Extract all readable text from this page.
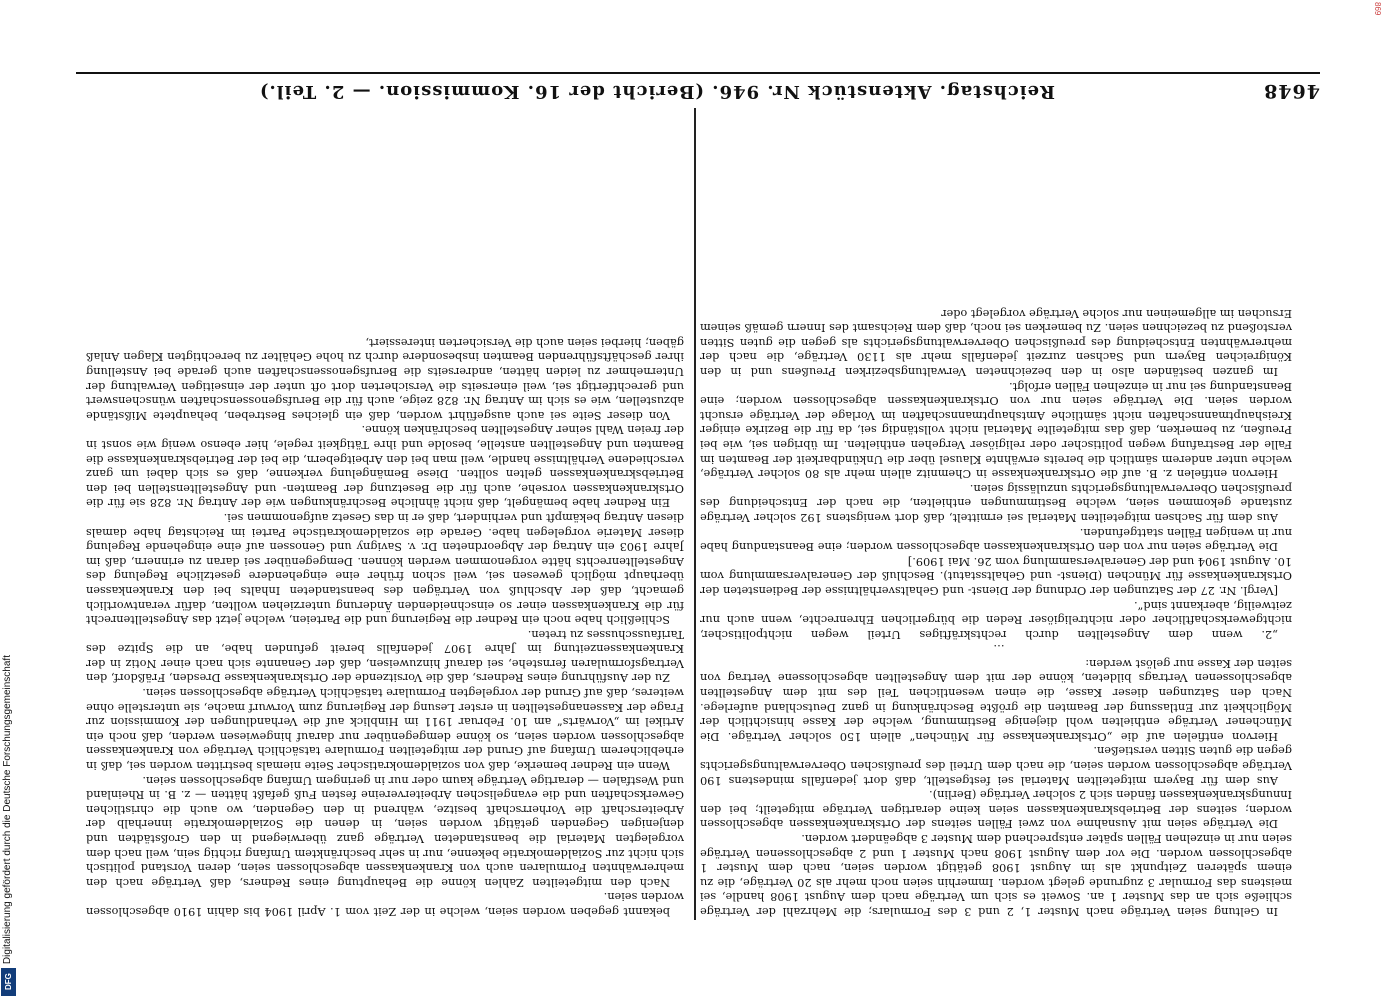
Digitalisierung gefördert durch die Deutsche Forschungsgemeinschaft
DFG
869
4648
Reichstag. Aktenstück Nr. 946. (Bericht der 16. Kommission. — 2. Teil.)

In Geltung seien Verträge nach Muster 1, 2 und 3 des Formulars; die Mehrzahl der Verträge schließe sich an das Muster 1 an. Soweit es sich um Verträge nach dem August 1908 handle, sei meistens das Formular 3 zugrunde gelegt worden. Immerhin seien noch mehr als 20 Verträge, die zu einem späteren Zeitpunkt als im August 1908 getätigt worden seien, nach dem Muster 1 abgeschlossen worden. Die vor dem August 1908 nach Muster 1 und 2 abgeschlossenen Verträge seien nur in einzelnen Fällen später entsprechend dem Muster 3 abgeändert worden.

Die Verträge seien mit Ausnahme von zwei Fällen seitens der Ortskrankenkassen abgeschlossen worden; seitens der Betriebskrankenkassen seien keine derartigen Verträge mitgeteilt; bei den Innungskrankenkassen fänden sich 2 solcher Verträge (Berlin).

Aus dem für Bayern mitgeteilten Material sei festgestellt, daß dort jedenfalls mindestens 190 Verträge abgeschlossen worden seien, die nach dem Urteil des preußischen Oberverwaltungsgerichts gegen die guten Sitten verstießen.

Hiervon entfielen auf die „Ortskrankenkasse für München“ allein 150 solcher Verträge. Die Münchener Verträge enthielten wohl diejenige Bestimmung, welche der Kasse hinsichtlich der Möglichkeit zur Entlassung der Beamten die größte Beschränkung in ganz Deutschland auferlege. Nach den Satzungen dieser Kasse, die einen wesentlichen Teil des mit dem Angestellten abgeschlossenen Vertrags bildeten, könne der mit dem Angestellten abgeschlossene Vertrag von seiten der Kasse nur gelöst werden:

…

„2. wenn dem Angestellten durch rechtskräftiges Urteil wegen nichtpolitischer, nichtgewerkschaftlicher oder nichtreligiöser Reden die bürgerlichen Ehrenrechte, wenn auch nur zeitweilig, aberkannt sind“.

[Vergl. Nr. 27 der Satzungen der Ordnung der Dienst- und Gehaltsverhältnisse der Bediensteten der Ortskrankenkasse für München (Dienst- und Gehaltsstatut). Beschluß der Generalversammlung vom 10. August 1904 und der Generalversammlung vom 26. Mai 1909.]

Die Verträge seien nur von den Ortskrankenkassen abgeschlossen worden; eine Beanstandung habe nur in wenigen Fällen stattgefunden.

Aus dem für Sachsen mitgeteilten Material sei ermittelt, daß dort wenigstens 192 solcher Verträge zustande gekommen seien, welche Bestimmungen enthielten, die nach der Entscheidung des preußischen Oberverwaltungsgerichts unzulässig seien.

Hiervon entfielen z. B. auf die Ortskrankenkasse in Chemnitz allein mehr als 80 solcher Verträge, welche unter anderem sämtlich die bereits erwähnte Klausel über die Unkündbarkeit der Beamten im Falle der Bestrafung wegen politischer oder religiöser Vergehen enthielten. Im übrigen sei, wie bei Preußen, zu bemerken, daß das mitgeteilte Material nicht vollständig sei, da für die Bezirke einiger Kreishauptmannschaften nicht sämtliche Amtshauptmannschaften im Vorlage der Verträge ersucht worden seien. Die Verträge seien nur von Ortskrankenkassen abgeschlossen worden; eine Beanstandung sei nur in einzelnen Fällen erfolgt.

Im ganzen beständen also in den bezeichneten Verwaltungsbezirken Preußens und in den Königreichen Bayern und Sachsen zurzeit jedenfalls mehr als 1130 Verträge, die nach der mehrerwähnten Entscheidung des preußischen Oberverwaltungsgerichts als gegen die guten Sitten verstoßend zu bezeichnen seien. Zu bemerken sei noch, daß dem Reichsamt des Innern gemäß seinem Ersuchen im allgemeinen nur solche Verträge vorgelegt oder

bekannt gegeben worden seien, welche in der Zeit vom 1. April 1904 bis dahin 1910 abgeschlossen worden seien.

Nach den mitgeteilten Zahlen könne die Behauptung eines Redners, daß Verträge nach den mehrerwähnten Formularen auch von Krankenkassen abgeschlossen seien, deren Vorstand politisch sich nicht zur Sozialdemokratie bekenne, nur in sehr beschränktem Umfang richtig sein, weil nach dem vorgelegten Material die beanstandeten Verträge ganz überwiegend in den Großstädten und denjenigen Gegenden getätigt worden seien, in denen die Sozialdemokratie innerhalb der Arbeiterschaft die Vorherrschaft besitze, während in den Gegenden, wo auch die christlichen Gewerkschaften und die evangelischen Arbeitervereine festen Fuß gefaßt hätten — z. B. in Rheinland und Westfalen — derartige Verträge kaum oder nur in geringem Umfang abgeschlossen seien.

Wenn ein Redner bemerke, daß von sozialdemokratischer Seite niemals bestritten worden sei, daß in erheblicherem Umfang auf Grund der mitgeteilten Formulare tatsächlich Verträge von Krankenkassen abgeschlossen worden seien, so könne demgegenüber nur darauf hingewiesen werden, daß noch ein Artikel im „Vorwärts“ am 10. Februar 1911 im Hinblick auf die Verhandlungen der Kommission zur Frage der Kassenangestellten in erster Lesung der Regierung zum Vorwurf mache, sie unterstelle ohne weiteres, daß auf Grund der vorgelegten Formulare tatsächlich Verträge abgeschlossen seien.

Zu der Ausführung eines Redners, daß die Vorsitzende der Ortskrankenkasse Dresden, Fräßdorf, den Vertragsformularen fernstehe, sei darauf hinzuweisen, daß der Genannte sich nach einer Notiz in der Krankenkassenzeitung im Jahre 1907 jedenfalls bereit gefunden habe, an die Spitze des Tarifausschusses zu treten.

Schließlich habe noch ein Redner die Regierung und die Parteien, welche jetzt das Angestelltenrecht für die Krankenkassen einer so einschneidenden Änderung unterziehen wollten, dafür verantwortlich gemacht, daß der Abschluß von Verträgen des beanstandeten Inhalts bei den Krankenkassen überhaupt möglich gewesen sei, weil schon früher eine eingehendere gesetzliche Regelung des Angestelltenrechts hätte vorgenommen werden können. Demgegenüber sei daran zu erinnern, daß im Jahre 1903 ein Antrag der Abgeordneten Dr. v. Savigny und Genossen auf eine eingehende Regelung dieser Materie vorgelegen habe. Gerade die sozialdemokratische Partei im Reichstag habe damals diesen Antrag bekämpft und verhindert, daß er in das Gesetz aufgenommen sei.

Ein Redner habe bemängelt, daß nicht ähnliche Beschränkungen wie der Antrag Nr. 828 sie für die Ortskrankenkassen vorsehe, auch für die Besetzung der Beamten- und Angestelltenstellen bei den Betriebskrankenkassen gelten sollten. Diese Bemängelung verkenne, daß es sich dabei um ganz verschiedene Verhältnisse handle, weil man bei den Arbeitgebern, die bei der Betriebskrankenkasse die Beamten und Angestellten anstelle, besolde und ihre Tätigkeit regele, hier ebenso wenig wie sonst in der freien Wahl seiner Angestellten beschränken könne.

Von dieser Seite sei auch ausgeführt worden, daß ein gleiches Bestreben, behauptete Mißstände abzustellen, wie es sich im Antrag Nr. 828 zeige, auch für die Berufsgenossenschaften wünschenswert und gerechtfertigt sei, weil einerseits die Versicherten dort oft unter der einseitigen Verwaltung der Unternehmer zu leiden hätten, andrerseits die Berufsgenossenschaften auch gerade bei Anstellung ihrer geschäftsführenden Beamten insbesondere durch zu hohe Gehälter zu berechtigten Klagen Anlaß gäben; hierbei seien auch die Versicherten interessiert,
